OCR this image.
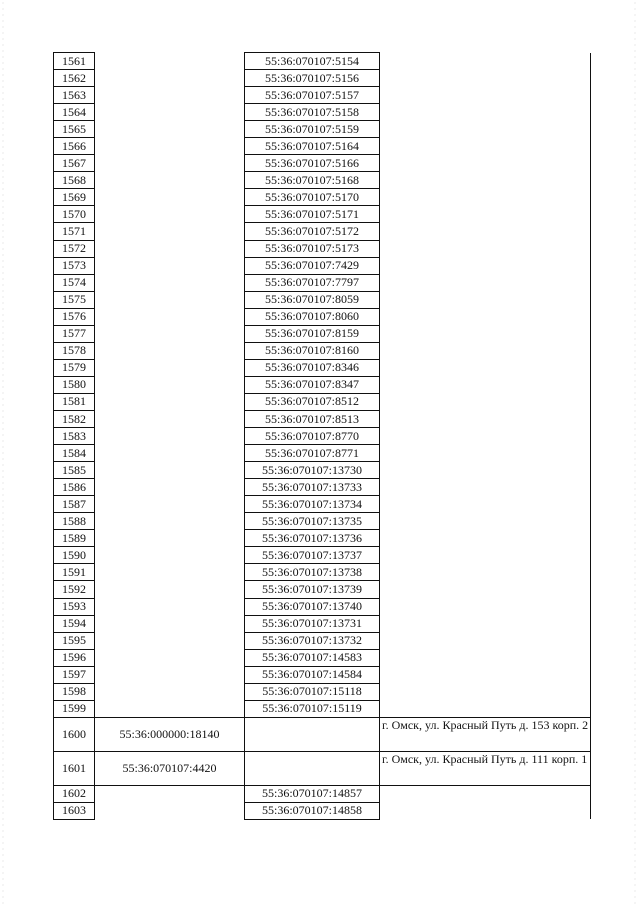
1561		55:36:070107:5154	
1562		55:36:070107:5156	
1563		55:36:070107:5157	
1564		55:36:070107:5158	
1565		55:36:070107:5159	
1566		55:36:070107:5164	
1567		55:36:070107:5166	
1568		55:36:070107:5168	
1569		55:36:070107:5170	
1570		55:36:070107:5171	
1571		55:36:070107:5172	
1572		55:36:070107:5173	
1573		55:36:070107:7429	
1574		55:36:070107:7797	
1575		55:36:070107:8059	
1576		55:36:070107:8060	
1577		55:36:070107:8159	
1578		55:36:070107:8160	
1579		55:36:070107:8346	
1580		55:36:070107:8347	
1581		55:36:070107:8512	
1582		55:36:070107:8513	
1583		55:36:070107:8770	
1584		55:36:070107:8771	
1585		55:36:070107:13730	
1586		55:36:070107:13733	
1587		55:36:070107:13734	
1588		55:36:070107:13735	
1589		55:36:070107:13736	
1590		55:36:070107:13737	
1591		55:36:070107:13738	
1592		55:36:070107:13739	
1593		55:36:070107:13740	
1594		55:36:070107:13731	
1595		55:36:070107:13732	
1596		55:36:070107:14583	
1597		55:36:070107:14584	
1598		55:36:070107:15118	
1599		55:36:070107:15119	
1600	55:36:000000:18140		г. Омск, ул. Красный Путь д. 153 корп. 2
1601	55:36:070107:4420		г. Омск, ул. Красный Путь д. 111 корп. 1
1602		55:36:070107:14857	
1603		55:36:070107:14858	
